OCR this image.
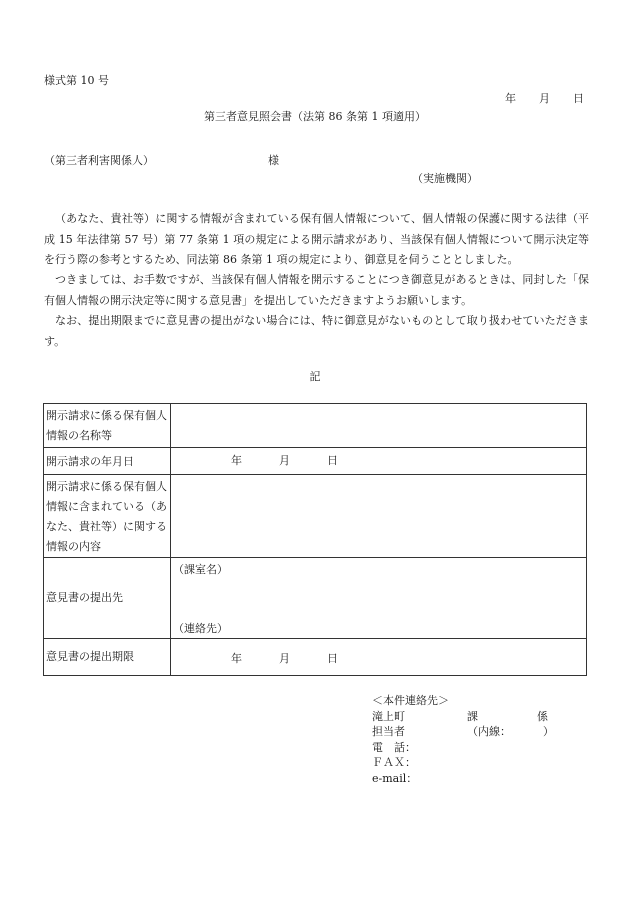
様式第 10 号
年 月 日
第三者意見照会書（法第 86 条第 1 項適用）
（第三者利害関係人）	様
（実施機関）

（あなた、貴社等）に関する情報が含まれている保有個人情報について、個人情報の保護に関する法律（平成 15 年法律第 57 号）第 77 条第 1 項の規定による開示請求があり、当該保有個人情報について開示決定等を行う際の参考とするため、同法第 86 条第 1 項の規定により、御意見を伺うこととしました。

つきましては、お手数ですが、当該保有個人情報を開示することにつき御意見があるときは、同封した「保有個人情報の開示決定等に関する意見書」を提出していただきますようお願いします。

なお、提出期限までに意見書の提出がない場合には、特に御意見がないものとして取り扱わせていただきます。

記
開示請求に係る保有個人情報の名称等	
開示請求の年月日	年 月 日

開示請求に係る保有個人情報に含まれている（あなた、貴社等）に関する情報の内容	
意見書の提出先	（課室名）
（連絡先）

意見書の提出期限	年 月 日
＜本件連絡先＞
滝上町	課	係
担当者	（内線：	）
電　話：
ＦＡＸ：
e-mail：
